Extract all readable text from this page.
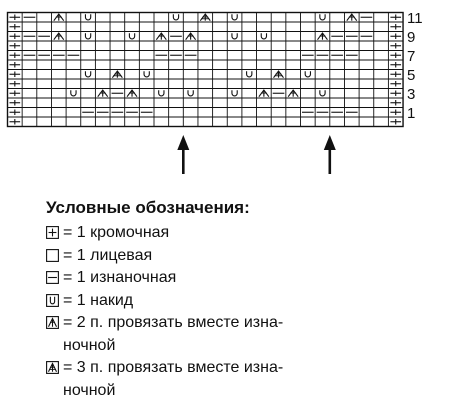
11
9
7
5
3
1
Условные обозначения:
= 1 кромочная
= 1 лицевая
= 1 изнаночная
= 1 накид
= 2 п. провязать вместе изна-
ночной
= 3 п. провязать вместе изна-
ночной
